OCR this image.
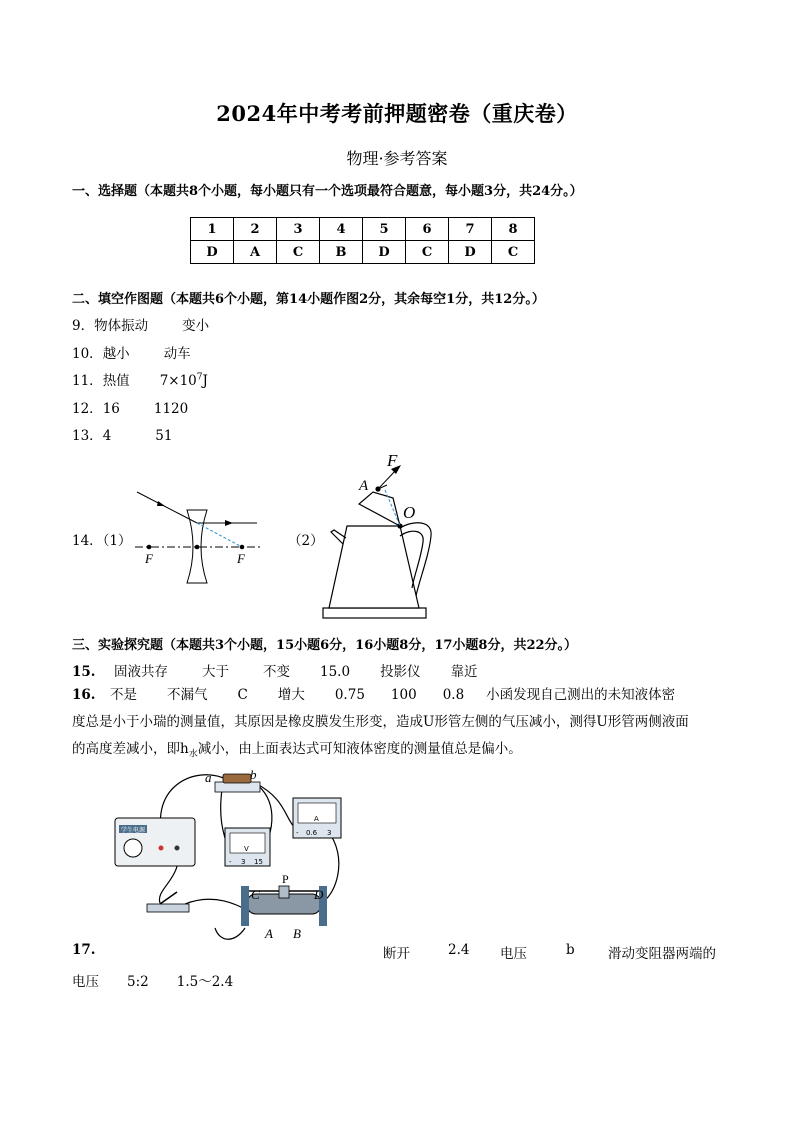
2024年中考考前押题密卷（重庆卷）
物理·参考答案
一、选择题（本题共8个小题，每小题只有一个选项最符合题意，每小题3分，共24分。）
1	2	3	4	5	6	7	8
D	A	C	B	D	C	D	C
二、填空作图题（本题共6个小题，第14小题作图2分，其余每空1分，共12分。）
9．物体振动	变小
10．越小	动车
11．热值 $7\times 10^7J$
12．16	1120
13．4	51
14．（1）	（2）
F	F
F
A
O
三、实验探究题（本题共3个小题，15小题6分，16小题8分，17小题8分，共22分。）
15. 固液共存	大于	不变 15.0 投影仪 靠近
16. 不是 不漏气 C 增大 0.75 100 0.8 小函发现自己测出的未知液体密
度总是小于小瑞的测量值，其原因是橡皮膜发生形变，造成U形管左侧的气压减小，测得U形管两侧液面
的高度差减小，即$h_水$减小，由上面表达式可知液体密度的测量值总是偏小。
a	b
学生电源
V
- 3 15
A
- 0.6 3
C
P
D
A B
17.	断开	2.4 电压	b 滑动变阻器两端的
电压 5:2 1.5～2.4
